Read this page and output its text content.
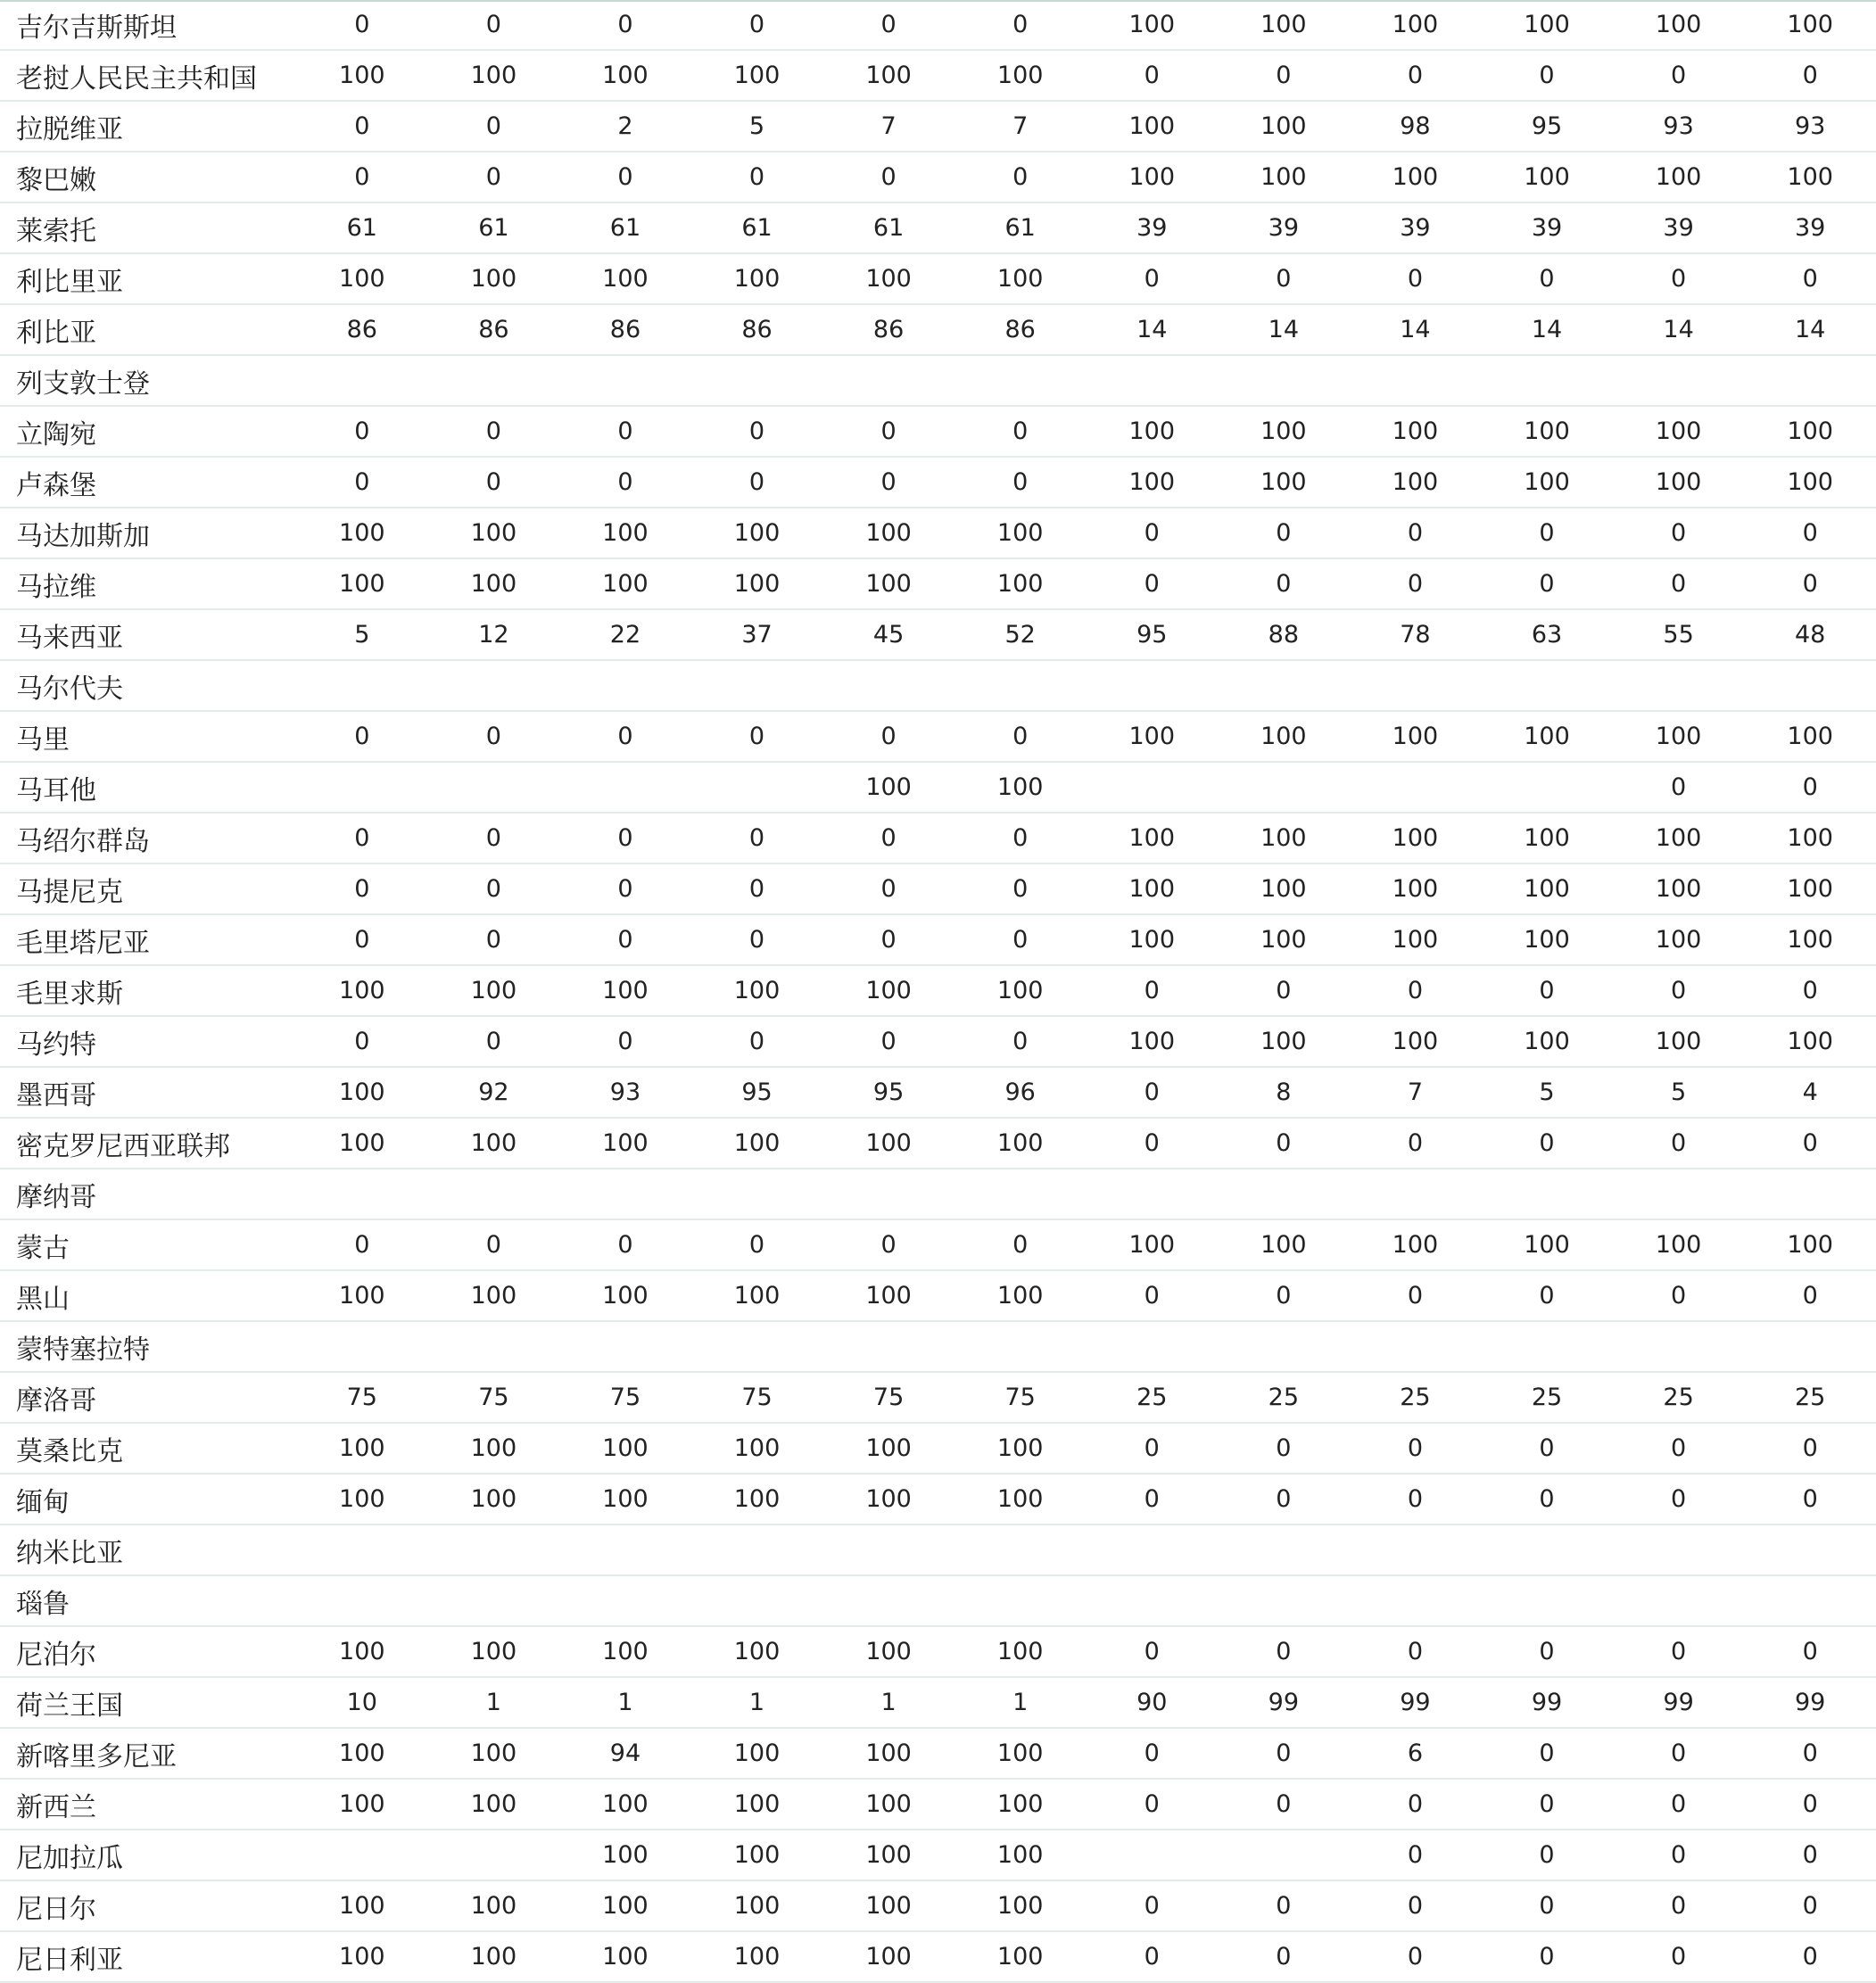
吉尔吉斯斯坦	0	0	0	0	0	0	100	100	100	100	100	100
老挝人民民主共和国	100	100	100	100	100	100	0	0	0	0	0	0
拉脱维亚	0	0	2	5	7	7	100	100	98	95	93	93
黎巴嫩	0	0	0	0	0	0	100	100	100	100	100	100
莱索托	61	61	61	61	61	61	39	39	39	39	39	39
利比里亚	100	100	100	100	100	100	0	0	0	0	0	0
利比亚	86	86	86	86	86	86	14	14	14	14	14	14
列支敦士登												
立陶宛	0	0	0	0	0	0	100	100	100	100	100	100
卢森堡	0	0	0	0	0	0	100	100	100	100	100	100
马达加斯加	100	100	100	100	100	100	0	0	0	0	0	0
马拉维	100	100	100	100	100	100	0	0	0	0	0	0
马来西亚	5	12	22	37	45	52	95	88	78	63	55	48
马尔代夫												
马里	0	0	0	0	0	0	100	100	100	100	100	100
马耳他					100	100					0	0
马绍尔群岛	0	0	0	0	0	0	100	100	100	100	100	100
马提尼克	0	0	0	0	0	0	100	100	100	100	100	100
毛里塔尼亚	0	0	0	0	0	0	100	100	100	100	100	100
毛里求斯	100	100	100	100	100	100	0	0	0	0	0	0
马约特	0	0	0	0	0	0	100	100	100	100	100	100
墨西哥	100	92	93	95	95	96	0	8	7	5	5	4
密克罗尼西亚联邦	100	100	100	100	100	100	0	0	0	0	0	0
摩纳哥												
蒙古	0	0	0	0	0	0	100	100	100	100	100	100
黑山	100	100	100	100	100	100	0	0	0	0	0	0
蒙特塞拉特												
摩洛哥	75	75	75	75	75	75	25	25	25	25	25	25
莫桑比克	100	100	100	100	100	100	0	0	0	0	0	0
缅甸	100	100	100	100	100	100	0	0	0	0	0	0
纳米比亚												
瑙鲁												
尼泊尔	100	100	100	100	100	100	0	0	0	0	0	0
荷兰王国	10	1	1	1	1	1	90	99	99	99	99	99
新喀里多尼亚	100	100	94	100	100	100	0	0	6	0	0	0
新西兰	100	100	100	100	100	100	0	0	0	0	0	0
尼加拉瓜			100	100	100	100			0	0	0	0
尼日尔	100	100	100	100	100	100	0	0	0	0	0	0
尼日利亚	100	100	100	100	100	100	0	0	0	0	0	0
